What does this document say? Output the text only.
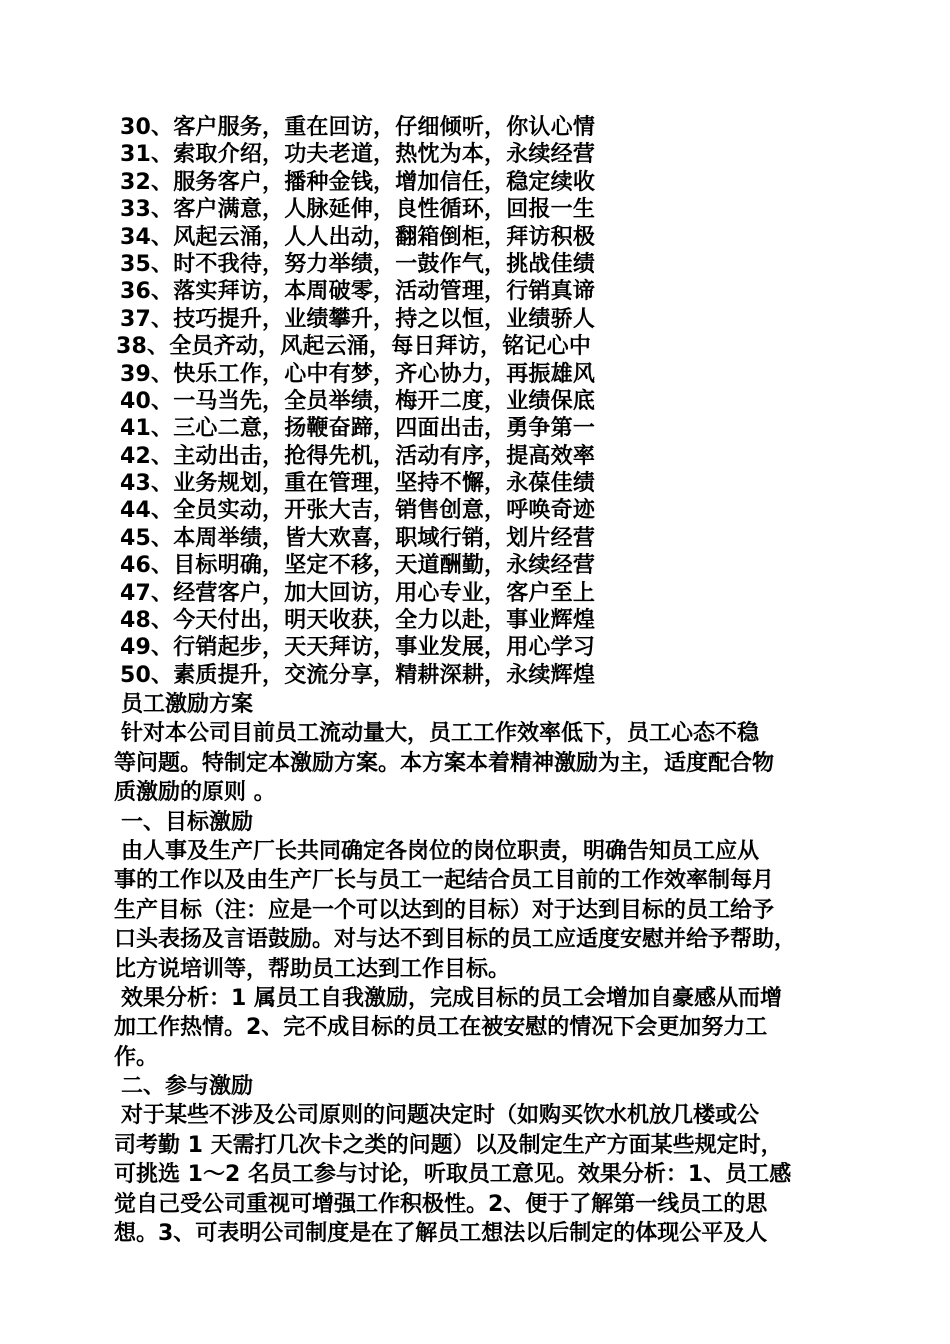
30、客户服务，重在回访，仔细倾听，你认心情
31、索取介绍，功夫老道，热忱为本，永续经营
32、服务客户，播种金钱，增加信任，稳定续收
33、客户满意，人脉延伸，良性循环，回报一生
34、风起云涌，人人出动，翻箱倒柜，拜访积极
35、时不我待，努力举绩，一鼓作气，挑战佳绩
36、落实拜访，本周破零，活动管理，行销真谛
37、技巧提升，业绩攀升，持之以恒，业绩骄人
38、全员齐动，风起云涌，每日拜访，铭记心中
39、快乐工作，心中有梦，齐心协力，再振雄风
40、一马当先，全员举绩，梅开二度，业绩保底
41、三心二意，扬鞭奋蹄，四面出击，勇争第一
42、主动出击，抢得先机，活动有序，提高效率
43、业务规划，重在管理，坚持不懈，永葆佳绩
44、全员实动，开张大吉，销售创意，呼唤奇迹
45、本周举绩，皆大欢喜，职域行销，划片经营
46、目标明确，坚定不移，天道酬勤，永续经营
47、经营客户，加大回访，用心专业，客户至上
48、今天付出，明天收获，全力以赴，事业辉煌
49、行销起步，天天拜访，事业发展，用心学习
50、素质提升，交流分享，精耕深耕，永续辉煌
员工激励方案
针对本公司目前员工流动量大，员工工作效率低下，员工心态不稳
等问题。特制定本激励方案。本方案本着精神激励为主，适度配合物
质激励的原则 。
一、目标激励
由人事及生产厂长共同确定各岗位的岗位职责，明确告知员工应从
事的工作以及由生产厂长与员工一起结合员工目前的工作效率制每月
生产目标（注：应是一个可以达到的目标）对于达到目标的员工给予
口头表扬及言语鼓励。对与达不到目标的员工应适度安慰并给予帮助，
比方说培训等，帮助员工达到工作目标。
效果分析：1 属员工自我激励，完成目标的员工会增加自豪感从而增
加工作热情。2、完不成目标的员工在被安慰的情况下会更加努力工
作。
二、参与激励
对于某些不涉及公司原则的问题决定时（如购买饮水机放几楼或公
司考勤 1 天需打几次卡之类的问题）以及制定生产方面某些规定时，
可挑选 1～2 名员工参与讨论，听取员工意见。效果分析：1、员工感
觉自己受公司重视可增强工作积极性。2、便于了解第一线员工的思
想。3、可表明公司制度是在了解员工想法以后制定的体现公平及人
